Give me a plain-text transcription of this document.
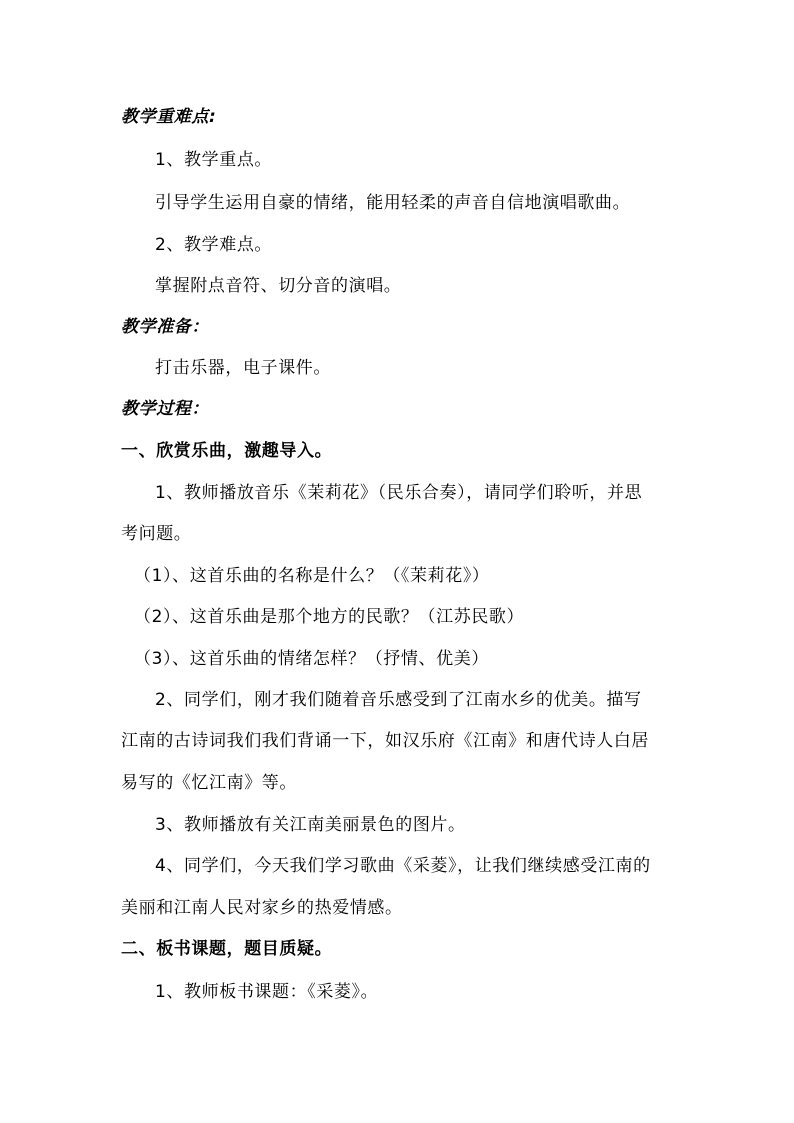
教学重难点:
1、教学重点。
引导学生运用自豪的情绪，能用轻柔的声音自信地演唱歌曲。
2、教学难点。
掌握附点音符、切分音的演唱。
教学准备：
打击乐器，电子课件。
教学过程：
一、欣赏乐曲，激趣导入。
1、教师播放音乐《茉莉花》（民乐合奏），请同学们聆听，并思
考问题。
（1）、这首乐曲的名称是什么？（《茉莉花》）
（2）、这首乐曲是那个地方的民歌？（江苏民歌）
（3）、这首乐曲的情绪怎样？（抒情、优美）
2、同学们，刚才我们随着音乐感受到了江南水乡的优美。描写
江南的古诗词我们我们背诵一下，如汉乐府《江南》和唐代诗人白居
易写的《忆江南》等。
3、教师播放有关江南美丽景色的图片。
4、同学们，今天我们学习歌曲《采菱》，让我们继续感受江南的
美丽和江南人民对家乡的热爱情感。
二、板书课题，题目质疑。
1、教师板书课题：《采菱》。
